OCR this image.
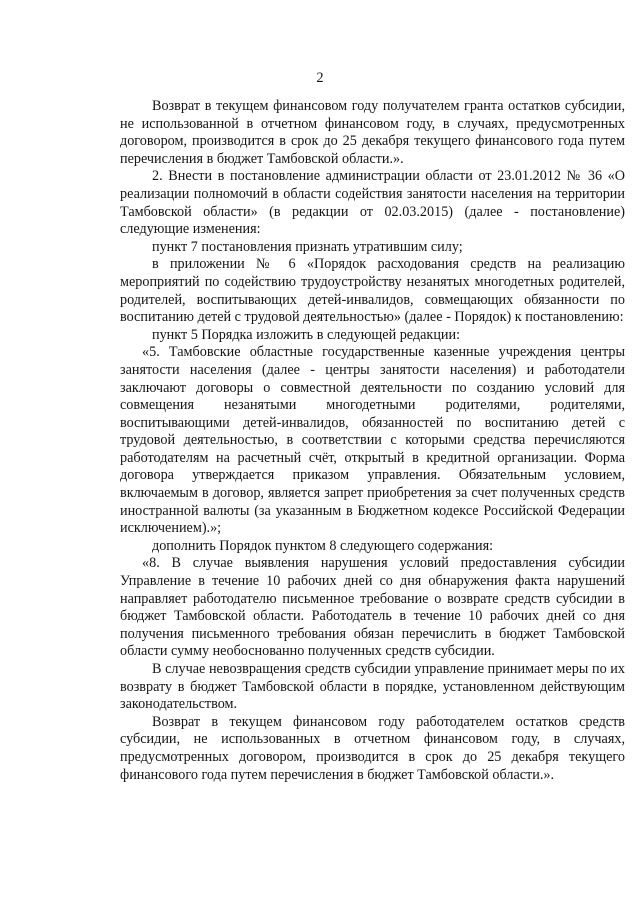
2

Возврат в текущем финансовом году получателем гранта остатков субсидии, не использованной в отчетном финансовом году, в случаях, предусмотренных договором, производится в срок до 25 декабря текущего финансового года путем перечисления в бюджет Тамбовской области.».

2. Внести в постановление администрации области от 23.01.2012 № 36 «О реализации полномочий в области содействия занятости населения на территории Тамбовской области» (в редакции от 02.03.2015) (далее - постановление) следующие изменения:

пункт 7 постановления признать утратившим силу;

в приложении № 6 «Порядок расходования средств на реализацию мероприятий по содействию трудоустройству незанятых многодетных родителей, родителей, воспитывающих детей-инвалидов, совмещающих обязанности по воспитанию детей с трудовой деятельностью» (далее - Порядок) к постановлению:

пункт 5 Порядка изложить в следующей редакции:

«5. Тамбовские областные государственные казенные учреждения центры занятости населения (далее - центры занятости населения) и работодатели заключают договоры о совместной деятельности по созданию условий для совмещения незанятыми многодетными родителями, родителями, воспитывающими детей-инвалидов, обязанностей по воспитанию детей с трудовой деятельностью, в соответствии с которыми средства перечисляются работодателям на расчетный счёт, открытый в кредитной организации. Форма договора утверждается приказом управления. Обязательным условием, включаемым в договор, является запрет приобретения за счет полученных средств иностранной валюты (за указанным в Бюджетном кодексе Российской Федерации исключением).»;

дополнить Порядок пунктом 8 следующего содержания:

«8. В случае выявления нарушения условий предоставления субсидии Управление в течение 10 рабочих дней со дня обнаружения факта нарушений направляет работодателю письменное требование о возврате средств субсидии в бюджет Тамбовской области. Работодатель в течение 10 рабочих дней со дня получения письменного требования обязан перечислить в бюджет Тамбовской области сумму необоснованно полученных средств субсидии.

В случае невозвращения средств субсидии управление принимает меры по их возврату в бюджет Тамбовской области в порядке, установленном действующим законодательством.

Возврат в текущем финансовом году работодателем остатков средств субсидии, не использованных в отчетном финансовом году, в случаях, предусмотренных договором, производится в срок до 25 декабря текущего финансового года путем перечисления в бюджет Тамбовской области.».
